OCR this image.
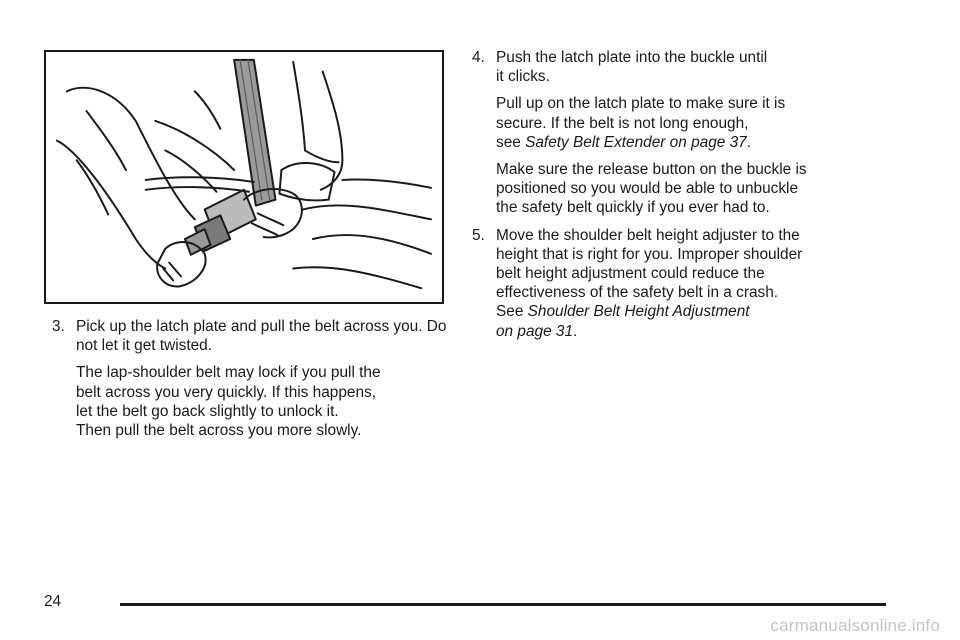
3. Pick up the latch plate and pull the belt across you. Do not let it get twisted.
The lap-shoulder belt may lock if you pull the
belt across you very quickly. If this happens,
let the belt go back slightly to unlock it.
Then pull the belt across you more slowly.
4. Push the latch plate into the buckle until
it clicks.
Pull up on the latch plate to make sure it is
secure. If the belt is not long enough,
see Safety Belt Extender on page 37.
Make sure the release button on the buckle is
positioned so you would be able to unbuckle
the safety belt quickly if you ever had to.
5. Move the shoulder belt height adjuster to the
height that is right for you. Improper shoulder
belt height adjustment could reduce the
effectiveness of the safety belt in a crash.
See Shoulder Belt Height Adjustment
on page 31.
24
carmanualsonline.info
